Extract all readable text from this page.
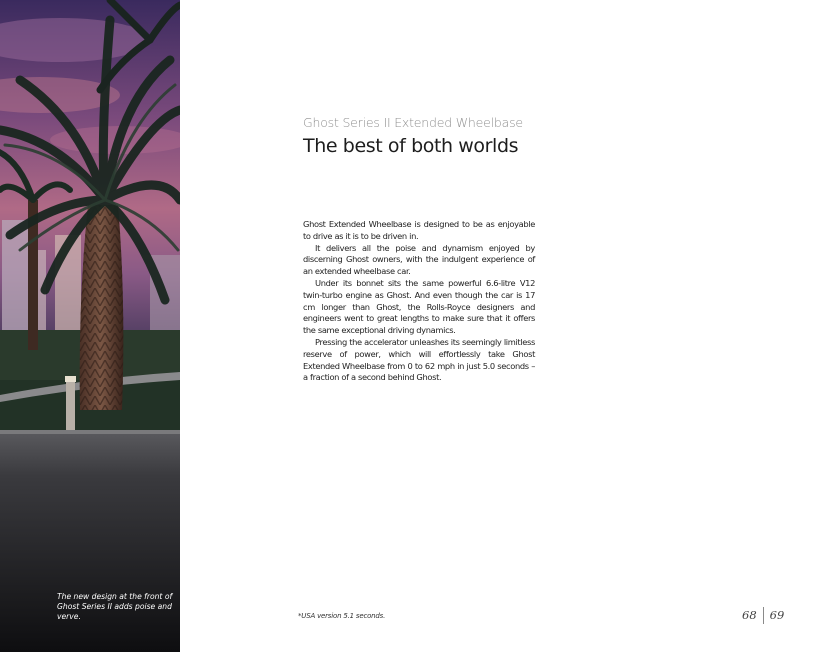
The new design at the front of Ghost Series II adds poise and verve.
Ghost Series II Extended Wheelbase
The best of both worlds

Ghost Extended Wheelbase is designed to be as enjoyable to drive as it is to be driven in.

It delivers all the poise and dynamism enjoyed by discerning Ghost owners, with the indulgent experience of an extended wheelbase car.

Under its bonnet sits the same powerful 6.6-litre V12 twin-turbo engine as Ghost. And even though the car is 17 cm longer than Ghost, the Rolls-Royce designers and engineers went to great lengths to make sure that it offers the same exceptional driving dynamics.

Pressing the accelerator unleashes its seemingly limitless reserve of power, which will effortlessly take Ghost Extended Wheelbase from 0 to 62 mph in just 5.0 seconds – a fraction of a second behind Ghost.

*USA version 5.1 seconds.	68 69
